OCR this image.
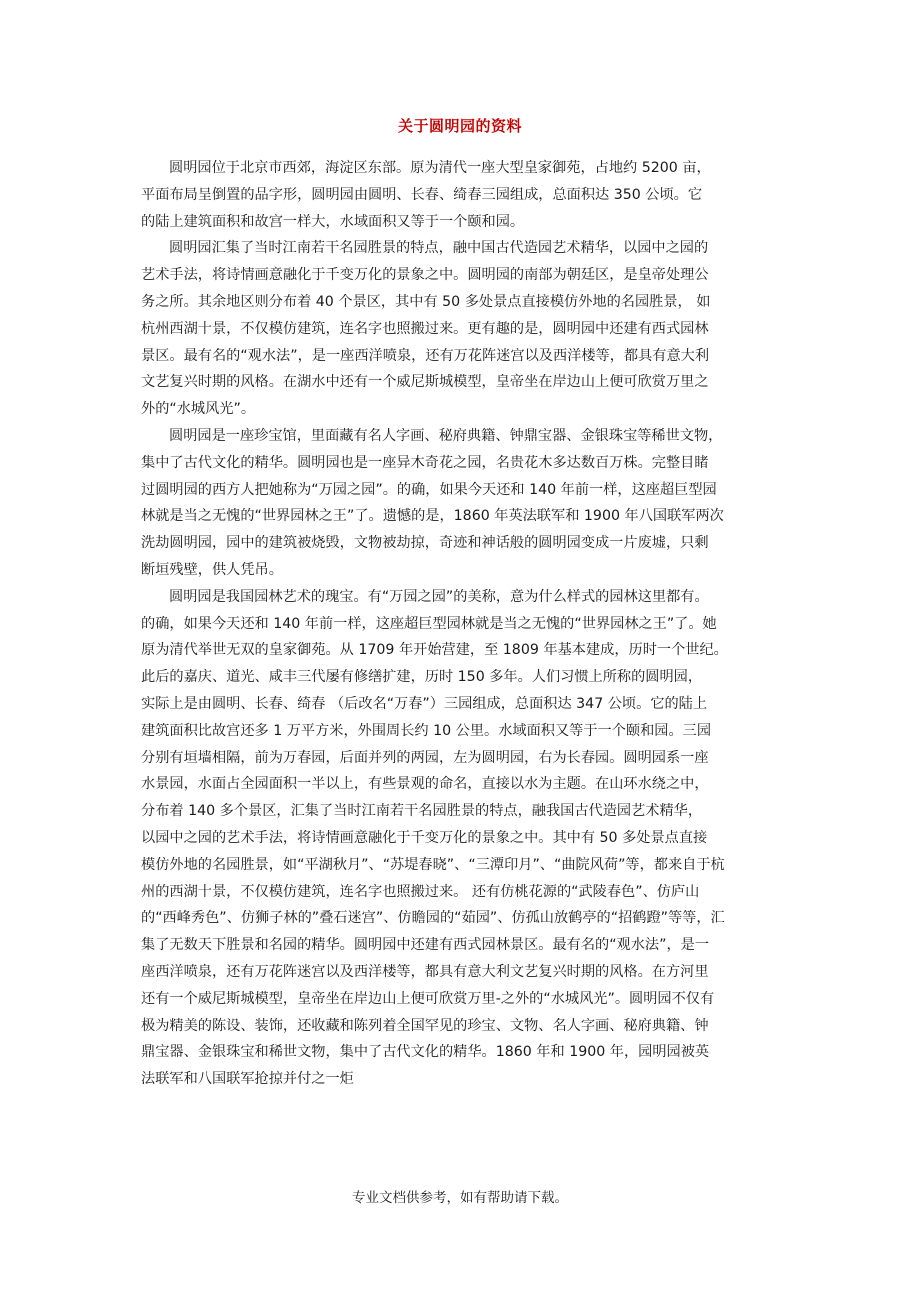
关于圆明园的资料
圆明园位于北京市西郊，海淀区东部。原为清代一座大型皇家御苑，占地约 5200 亩，
平面布局呈倒置的品字形，圆明园由圆明、长春、绮春三园组成，总面积达 350 公顷。它
的陆上建筑面积和故宫一样大，水域面积又等于一个颐和园。
圆明园汇集了当时江南若干名园胜景的特点，融中国古代造园艺术精华，以园中之园的
艺术手法，将诗情画意融化于千变万化的景象之中。圆明园的南部为朝廷区，是皇帝处理公
务之所。其余地区则分布着 40 个景区，其中有 50 多处景点直接模仿外地的名园胜景， 如
杭州西湖十景，不仅模仿建筑，连名字也照搬过来。更有趣的是，圆明园中还建有西式园林
景区。最有名的“观水法”，是一座西洋喷泉，还有万花阵迷宫以及西洋楼等，都具有意大利
文艺复兴时期的风格。在湖水中还有一个威尼斯城模型，皇帝坐在岸边山上便可欣赏万里之
外的“水城风光”。
圆明园是一座珍宝馆，里面藏有名人字画、秘府典籍、钟鼎宝器、金银珠宝等稀世文物，
集中了古代文化的精华。圆明园也是一座异木奇花之园，名贵花木多达数百万株。完整目睹
过圆明园的西方人把她称为“万园之园”。的确，如果今天还和 140 年前一样，这座超巨型园
林就是当之无愧的“世界园林之王”了。遗憾的是，1860 年英法联军和 1900 年八国联军两次
洗劫圆明园，园中的建筑被烧毁，文物被劫掠，奇迹和神话般的圆明园变成一片废墟，只剩
断垣残壁，供人凭吊。
圆明园是我国园林艺术的瑰宝。有“万园之园”的美称，意为什么样式的园林这里都有。
的确，如果今天还和 140 年前一样，这座超巨型园林就是当之无愧的“世界园林之王”了。她
原为清代举世无双的皇家御苑。从 1709 年开始营建，至 1809 年基本建成，历时一个世纪。
此后的嘉庆、道光、咸丰三代屡有修缮扩建，历时 150 多年。人们习惯上所称的圆明园，
实际上是由圆明、长春、绮春 （后改名“万春”）三园组成，总面积达 347 公顷。它的陆上
建筑面积比故宫还多 1 万平方米，外围周长约 10 公里。水域面积又等于一个颐和园。三园
分别有垣墙相隔，前为万春园，后面并列的两园，左为圆明园，右为长春园。圆明园系一座
水景园，水面占全园面积一半以上，有些景观的命名，直接以水为主题。在山环水绕之中，
分布着 140 多个景区，汇集了当时江南若干名园胜景的特点，融我国古代造园艺术精华，
以园中之园的艺术手法，将诗情画意融化于千变万化的景象之中。其中有 50 多处景点直接
模仿外地的名园胜景，如“平湖秋月”、“苏堤春晓”、“三潭印月”、“曲院风荷”等，都来自于杭
州的西湖十景，不仅模仿建筑，连名字也照搬过来。 还有仿桃花源的“武陵春色”、仿庐山
的“西峰秀色”、仿狮子林的”叠石迷宫”、仿瞻园的“茹园”、仿孤山放鹤亭的“招鹤蹬”等等，汇
集了无数天下胜景和名园的精华。圆明园中还建有西式园林景区。最有名的“观水法”，是一
座西洋喷泉，还有万花阵迷宫以及西洋楼等，都具有意大利文艺复兴时期的风格。在方河里
还有一个威尼斯城模型，皇帝坐在岸边山上便可欣赏万里-之外的“水城风光”。圆明园不仅有
极为精美的陈设、装饰，还收藏和陈列着全国罕见的珍宝、文物、名人字画、秘府典籍、钟
鼎宝器、金银珠宝和稀世文物，集中了古代文化的精华。1860 年和 1900 年，园明园被英
法联军和八国联军抢掠并付之一炬
专业文档供参考，如有帮助请下载。
